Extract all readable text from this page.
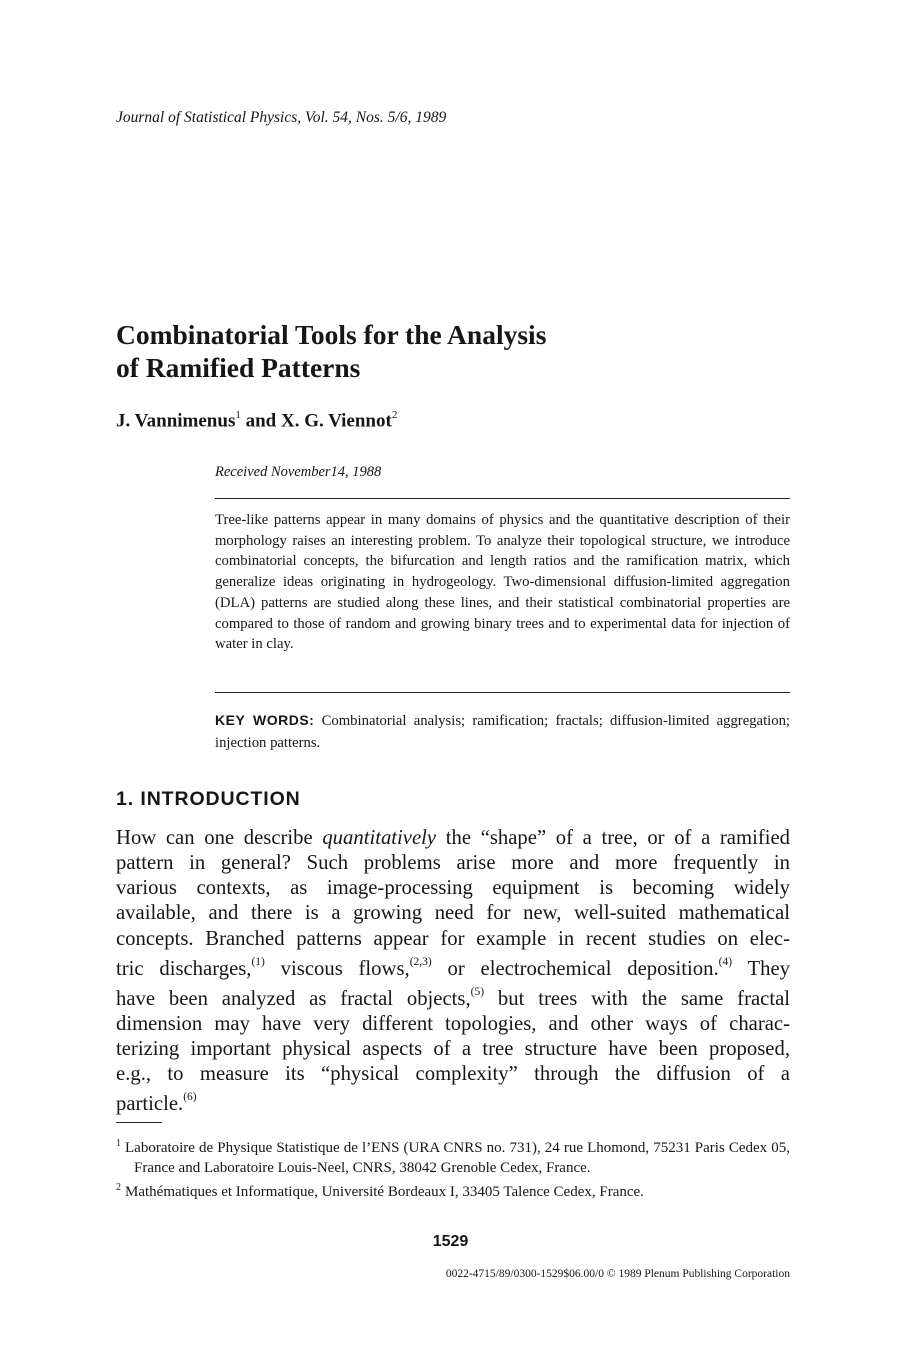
Journal of Statistical Physics, Vol. 54, Nos. 5/6, 1989
Combinatorial Tools for the Analysis
of Ramified Patterns
J. Vannimenus$^1$ and X. G. Viennot$^2$
Received November14, 1988
Tree-like patterns appear in many domains of physics and the quantitative description of their morphology raises an interesting problem. To analyze their topological structure, we introduce combinatorial concepts, the bifurcation and length ratios and the ramification matrix, which generalize ideas originating in hydrogeology. Two-dimensional diffusion-limited aggregation (DLA) patterns are studied along these lines, and their statistical combinatorial properties are compared to those of random and growing binary trees and to experimental data for injection of water in clay.
KEY WORDS: Combinatorial analysis; ramification; fractals; diffusion-limited aggregation; injection patterns.
1. INTRODUCTION
How can one describe quantitatively the “shape” of a tree, or of a ramified
pattern in general? Such problems arise more and more frequently in
various contexts, as image-processing equipment is becoming widely
available, and there is a growing need for new, well-suited mathematical
concepts. Branched patterns appear for example in recent studies on elec-
tric discharges,$^{(1)}$ viscous flows,$^{(2,3)}$ or electrochemical deposition.$^{(4)}$ They
have been analyzed as fractal objects,$^{(5)}$ but trees with the same fractal
dimension may have very different topologies, and other ways of charac-
terizing important physical aspects of a tree structure have been proposed,
e.g., to measure its “physical complexity” through the diffusion of a
particle.$^{(6)}$
$^1$ Laboratoire de Physique Statistique de l’ENS (URA CNRS no. 731), 24 rue Lhomond, 75231 Paris Cedex 05, France and Laboratoire Louis-Neel, CNRS, 38042 Grenoble Cedex, France.
$^2$ Mathématiques et Informatique, Université Bordeaux I, 33405 Talence Cedex, France.
1529
0022-4715/89/0300-1529$06.00/0 © 1989 Plenum Publishing Corporation
